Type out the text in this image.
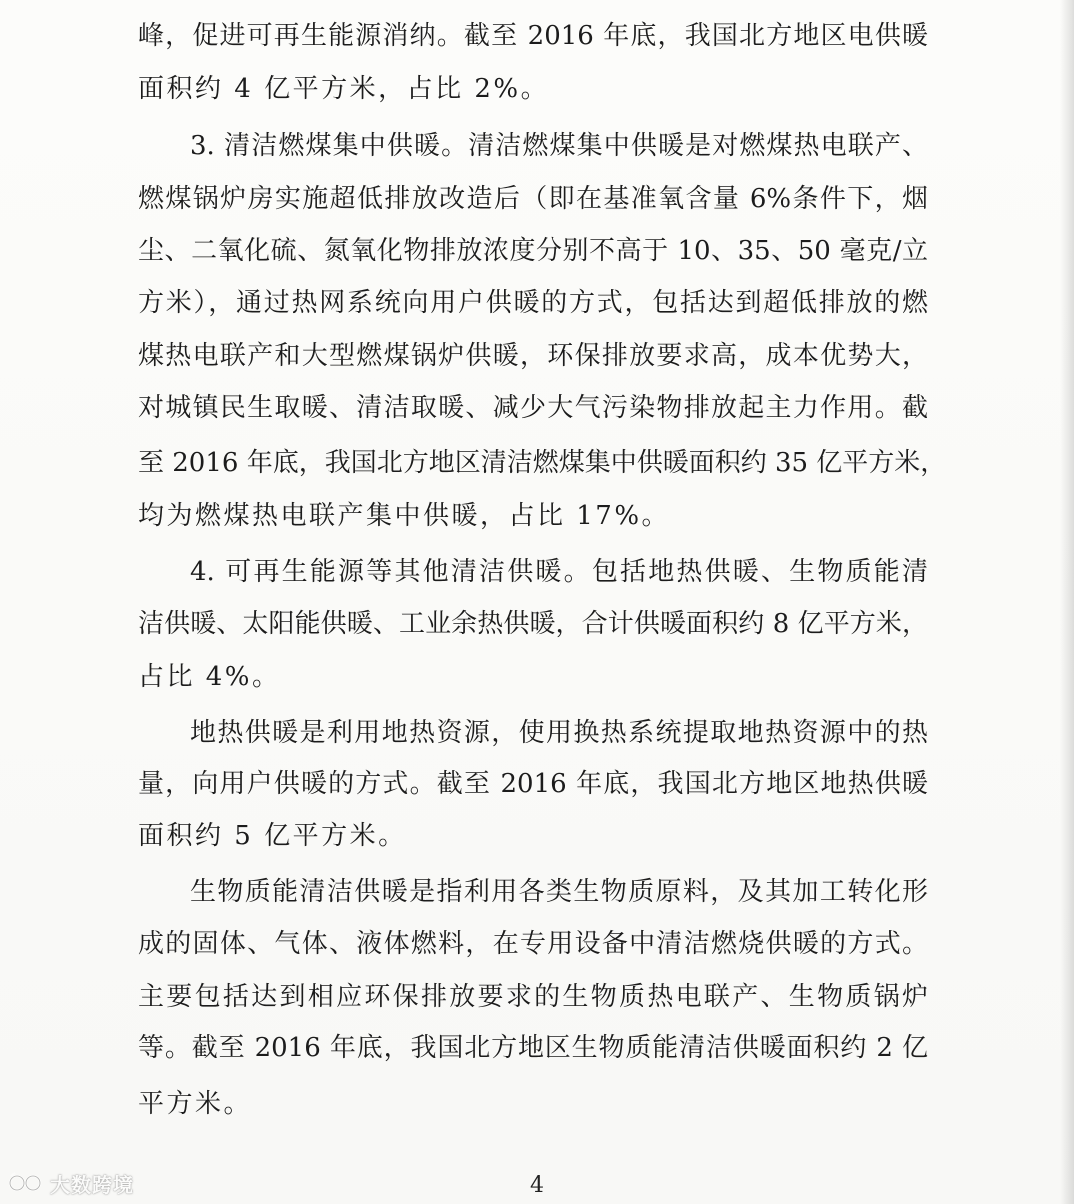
峰，促进可再生能源消纳。截至 2016 年底，我国北方地区电供暖
面积约 4 亿平方米，占比 2%。
3. 清洁燃煤集中供暖。清洁燃煤集中供暖是对燃煤热电联产、
燃煤锅炉房实施超低排放改造后（即在基准氧含量 6%条件下，烟
尘、二氧化硫、氮氧化物排放浓度分别不高于 10、35、50 毫克/立
方米），通过热网系统向用户供暖的方式，包括达到超低排放的燃
煤热电联产和大型燃煤锅炉供暖，环保排放要求高，成本优势大，
对城镇民生取暖、清洁取暖、减少大气污染物排放起主力作用。截
至 2016 年底，我国北方地区清洁燃煤集中供暖面积约 35 亿平方米，
均为燃煤热电联产集中供暖，占比 17%。
4. 可再生能源等其他清洁供暖。包括地热供暖、生物质能清
洁供暖、太阳能供暖、工业余热供暖，合计供暖面积约 8 亿平方米，
占比 4%。
地热供暖是利用地热资源，使用换热系统提取地热资源中的热
量，向用户供暖的方式。截至 2016 年底，我国北方地区地热供暖
面积约 5 亿平方米。
生物质能清洁供暖是指利用各类生物质原料，及其加工转化形
成的固体、气体、液体燃料，在专用设备中清洁燃烧供暖的方式。
主要包括达到相应环保排放要求的生物质热电联产、生物质锅炉
等。截至 2016 年底，我国北方地区生物质能清洁供暖面积约 2 亿
平方米。
4
大数跨境
